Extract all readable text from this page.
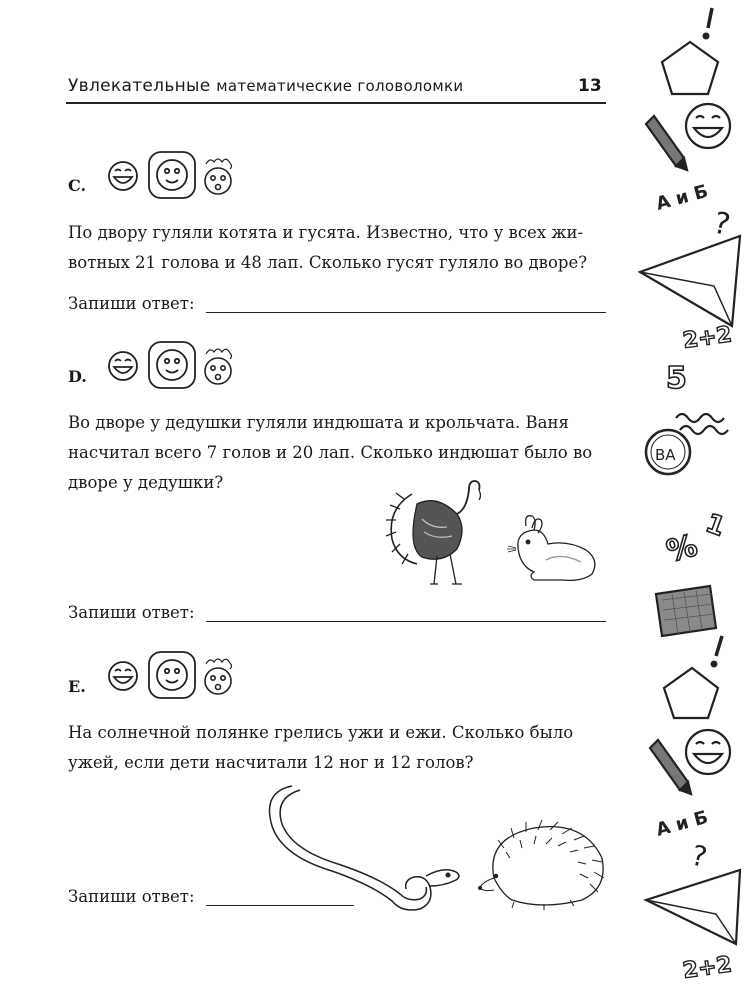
Увлекательные математические головоломки	13
C.
По двору гуляли котята и гусята. Известно, что у всех жи-
вотных 21 голова и 48 лап. Сколько гусят гуляло во дворе?
Запиши ответ:
D.
Во дворе у дедушки гуляли индюшата и крольчата. Ваня
насчитал всего 7 голов и 20 лап. Сколько индюшат было во
дворе у дедушки?
Запиши ответ:
E.
На солнечной полянке грелись ужи и ежи. Сколько было
ужей, если дети насчитали 12 ног и 12 голов?
Запиши ответ:
?
5
BA
%
1
?
А и Б
2+2
А и Б
2+2
!
